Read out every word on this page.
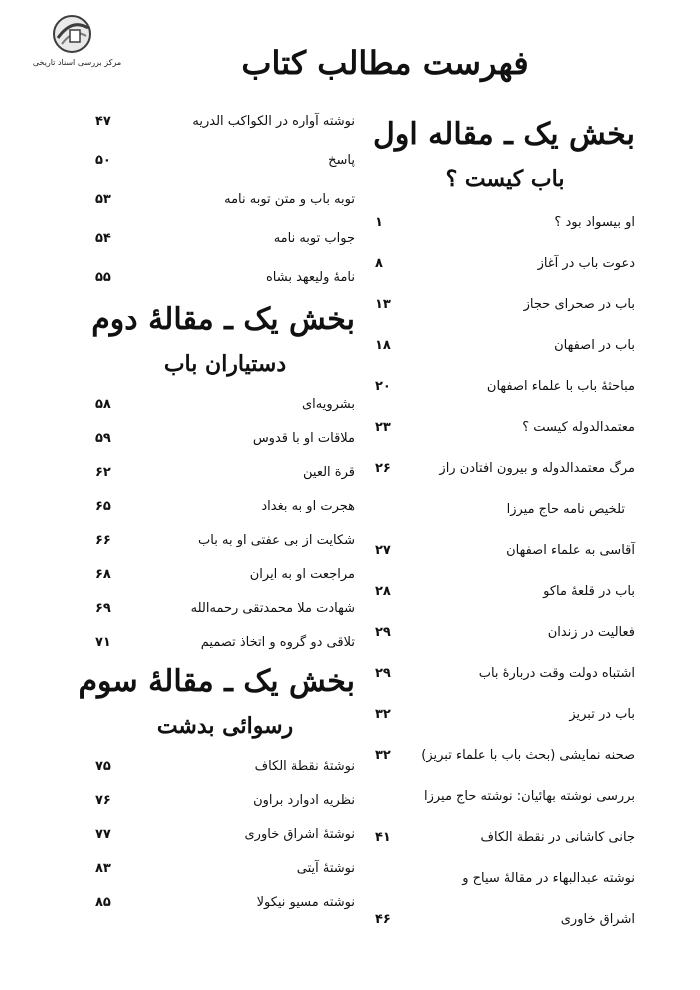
مرکز بررسی اسناد تاریخی	فهرست مطالب کتاب
بخش یک ـ مقاله اول
باب کیست ؟
او بیسواد بود ؟
۱
دعوت باب در آغاز
۸
باب در صحرای حجاز
۱۳
باب در اصفهان
۱۸
مباحثهٔ باب با علماء اصفهان
۲۰
معتمدالدوله کیست ؟
۲۳
مرگ معتمدالدوله و بیرون افتادن راز
۲۶
تلخیص نامه حاج میرزا
آقاسی به علماء اصفهان
۲۷
باب در قلعهٔ ماکو
۲۸
فعالیت در زندان
۲۹
اشتباه دولت وقت دربارهٔ باب
۲۹
باب در تبریز
۳۲
صحنه نمایشی (بحث باب با علماء تبریز)
۳۲
بررسی نوشته بهائیان: نوشته حاج میرزا
جانی کاشانی در نقطة الکاف
۴۱
نوشته عبدالبهاء در مقالهٔ سیاح و
اشراق خاوری
۴۶
نوشته آواره در الکواکب الدریه
۴۷
پاسخ
۵۰
توبه باب و متن توبه نامه
۵۳
جواب توبه نامه
۵۴
نامهٔ ولیعهد بشاه
۵۵
بخش یک ـ مقالهٔ دوم
دستیاران باب
بشرویه‌ای
۵۸
ملاقات او با قدوس
۵۹
قرة العین
۶۲
هجرت او به بغداد
۶۵
شکایت از بی عفتی او به باب
۶۶
مراجعت او به ایران
۶۸
شهادت ملا محمدتقی رحمه‌الله
۶۹
تلاقی دو گروه و اتخاذ تصمیم
۷۱
بخش یک ـ مقالهٔ سوم
رسوائی بدشت
نوشتهٔ نقطة الکاف
۷۵
نظریه ادوارد براون
۷۶
نوشتهٔ اشراق خاوری
۷۷
نوشتهٔ آیتی
۸۳
نوشته مسیو نیکولا
۸۵
